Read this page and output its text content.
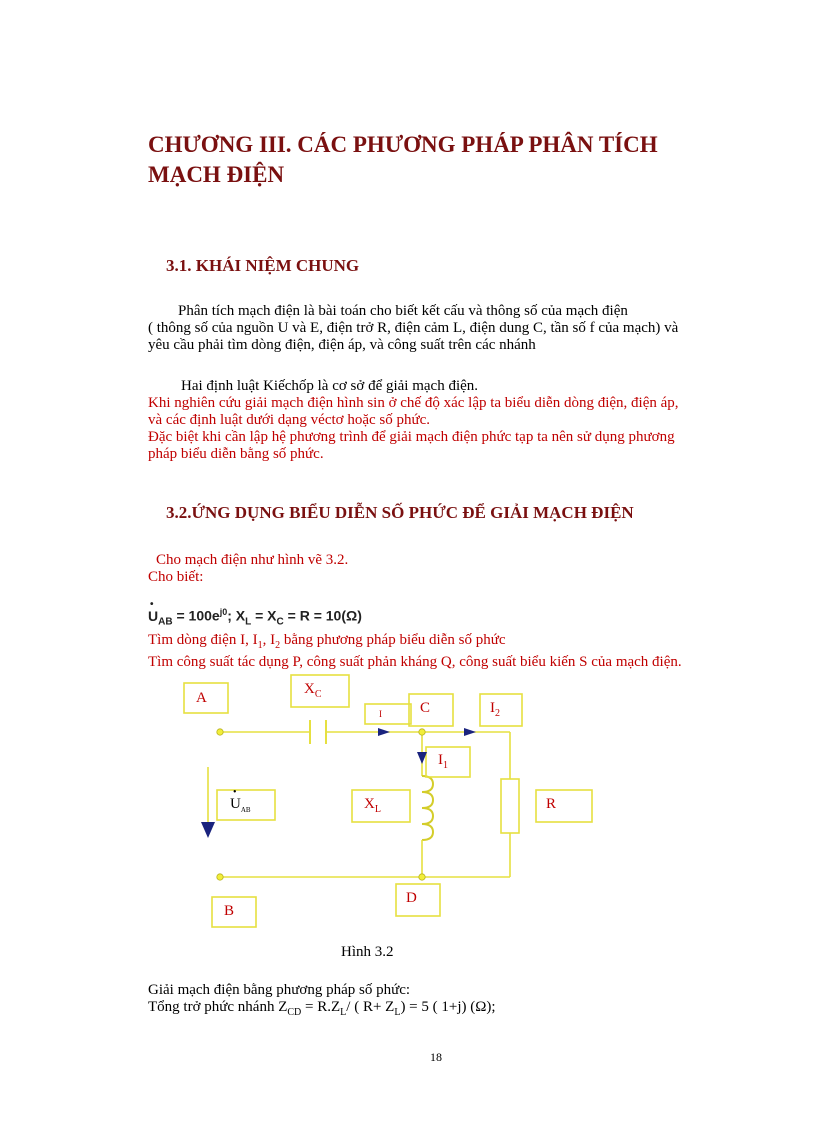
CHƯƠNG III. CÁC PHƯƠNG PHÁP PHÂN TÍCH
MẠCH ĐIỆN
3.1. KHÁI NIỆM CHUNG
Phân tích mạch điện là bài toán cho biết kết cấu và thông số của mạch điện
( thông số của nguồn U và E, điện trở R, điện cảm L, điện dung C, tần số f của mạch) và
yêu cầu phải tìm dòng điện, điện áp, và công suất trên các nhánh
Hai định luật Kiếchốp là cơ sở để giải mạch điện.
Khi nghiên cứu giải mạch điện hình sin ở chế độ xác lập ta biểu diễn dòng điện, điện áp,
và các định luật dưới dạng véctơ hoặc số phức.
Đặc biệt khi cần lập hệ phương trình để giải mạch điện phức tạp ta nên sử dụng phương
pháp biểu diễn bằng số phức.
3.2.ỨNG DỤNG BIỂU DIỄN SỐ PHỨC ĐỂ GIẢI MẠCH ĐIỆN
Cho mạch điện như hình vẽ 3.2.
Cho biết:
•
$U_{AB} = 100e^{j0}$; $X_L = X_C = R = 10(\Omega)$
Tìm dòng điện I, $I_1$, $I_2$ bằng phương pháp biểu diễn số phức
Tìm công suất tác dụng P, công suất phản kháng Q, công suất biểu kiến S của mạch điện.
A
$X_C$
I	C	$I_2$
$I_1$
•
$U_{AB}$	$X_L$	R
D
B
Hình 3.2
Giải mạch điện bằng phương pháp số phức:
Tổng trở phức nhánh $Z_{CD} = R.Z_L/$ ( $R+ Z_L) = 5$ ( 1+j) (Ω);
18
